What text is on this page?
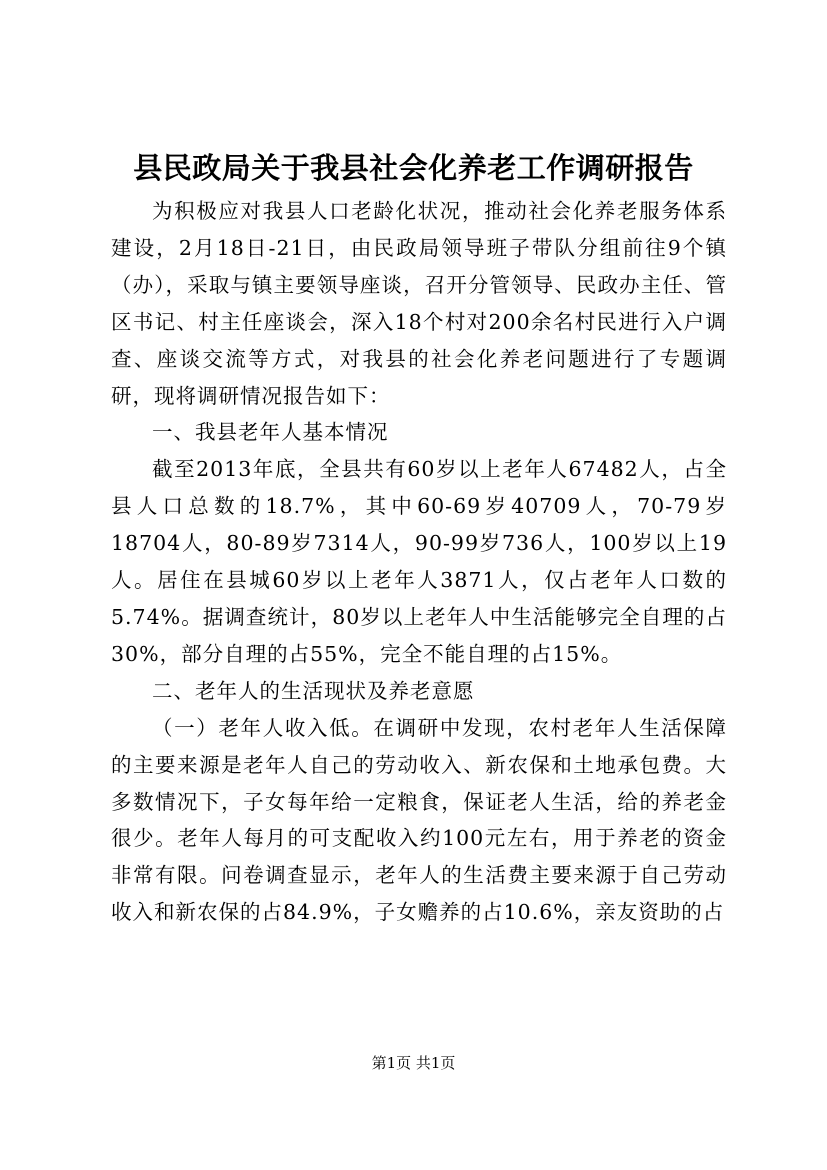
县民政局关于我县社会化养老工作调研报告

为积极应对我县人口老龄化状况，推动社会化养老服务体系建设，2月18日-21日，由民政局领导班子带队分组前往9个镇（办），采取与镇主要领导座谈，召开分管领导、民政办主任、管区书记、村主任座谈会，深入18个村对200余名村民进行入户调查、座谈交流等方式，对我县的社会化养老问题进行了专题调研，现将调研情况报告如下：

一、我县老年人基本情况

截至2013年底，全县共有60岁以上老年人67482人，占全县人口总数的18.7%，其中60-69岁40709人，70-79岁18704人，80-89岁7314人，90-99岁736人，100岁以上19人。居住在县城60岁以上老年人3871人，仅占老年人口数的5.74%。据调查统计，80岁以上老年人中生活能够完全自理的占30%，部分自理的占55%，完全不能自理的占15%。

二、老年人的生活现状及养老意愿

（一）老年人收入低。在调研中发现，农村老年人生活保障的主要来源是老年人自己的劳动收入、新农保和土地承包费。大多数情况下，子女每年给一定粮食，保证老人生活，给的养老金很少。老年人每月的可支配收入约100元左右，用于养老的资金非常有限。问卷调查显示，老年人的生活费主要来源于自己劳动收入和新农保的占84.9%，子女赡养的占10.6%，亲友资助的占

第1页 共1页
